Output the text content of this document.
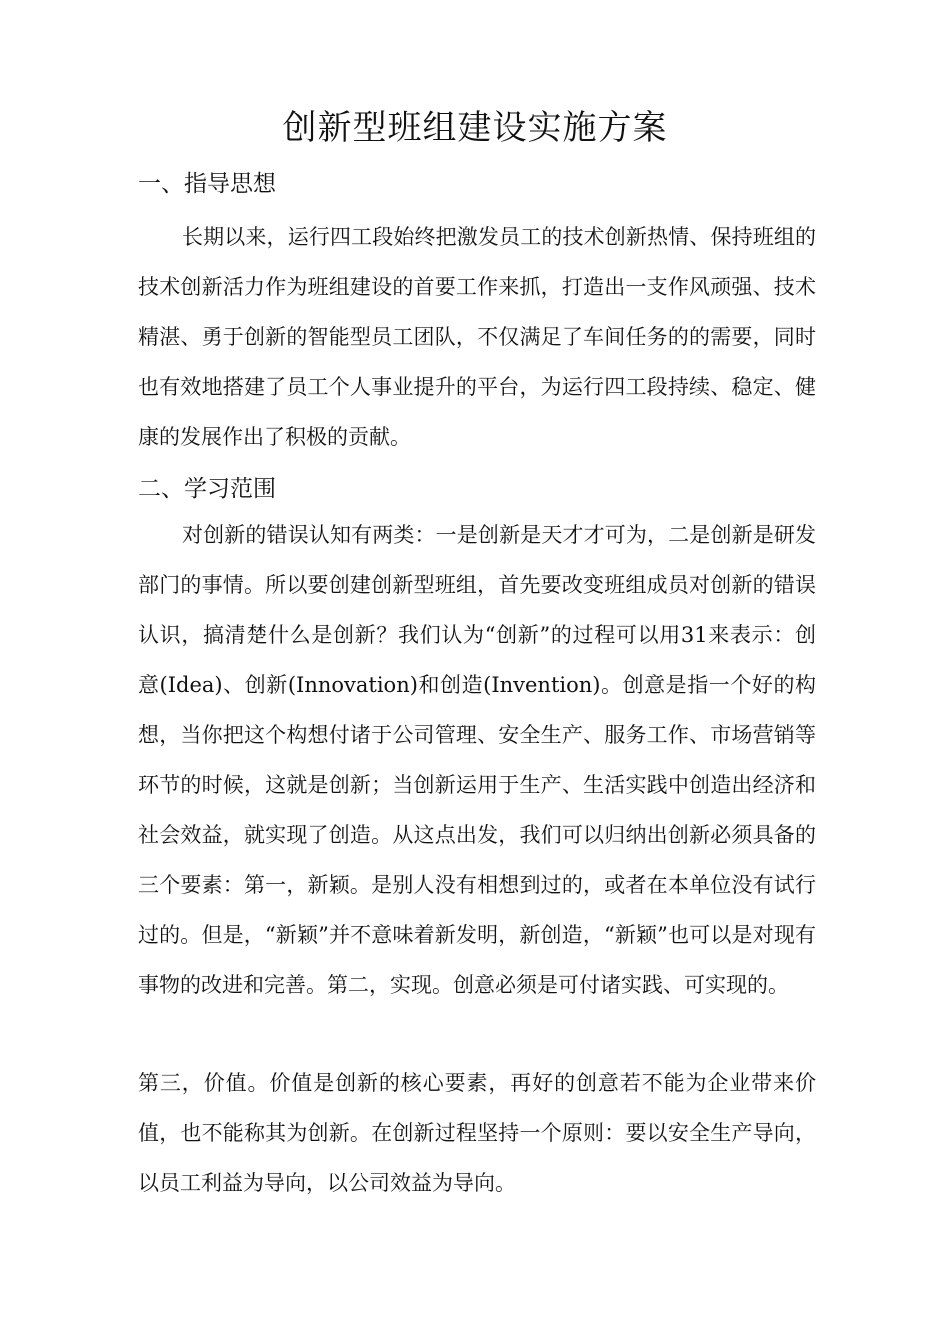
创新型班组建设实施方案
一、指导思想

长期以来，运行四工段始终把激发员工的技术创新热情、保持班组的技术创新活力作为班组建设的首要工作来抓，打造出一支作风顽强、技术精湛、勇于创新的智能型员工团队，不仅满足了车间任务的的需要，同时也有效地搭建了员工个人事业提升的平台，为运行四工段持续、稳定、健康的发展作出了积极的贡献。

二、学习范围

对创新的错误认知有两类：一是创新是天才才可为，二是创新是研发部门的事情。所以要创建创新型班组，首先要改变班组成员对创新的错误认识，搞清楚什么是创新？我们认为“创新”的过程可以用31来表示：创意(Idea)、创新(Innovation)和创造(Invention)。创意是指一个好的构想，当你把这个构想付诸于公司管理、安全生产、服务工作、市场营销等环节的时候，这就是创新；当创新运用于生产、生活实践中创造出经济和社会效益，就实现了创造。从这点出发，我们可以归纳出创新必须具备的三个要素：第一，新颖。是别人没有相想到过的，或者在本单位没有试行过的。但是，“新颖”并不意味着新发明，新创造，“新颖”也可以是对现有事物的改进和完善。第二，实现。创意必须是可付诸实践、可实现的。

第三，价值。价值是创新的核心要素，再好的创意若不能为企业带来价值，也不能称其为创新。在创新过程坚持一个原则：要以安全生产导向，以员工利益为导向，以公司效益为导向。
